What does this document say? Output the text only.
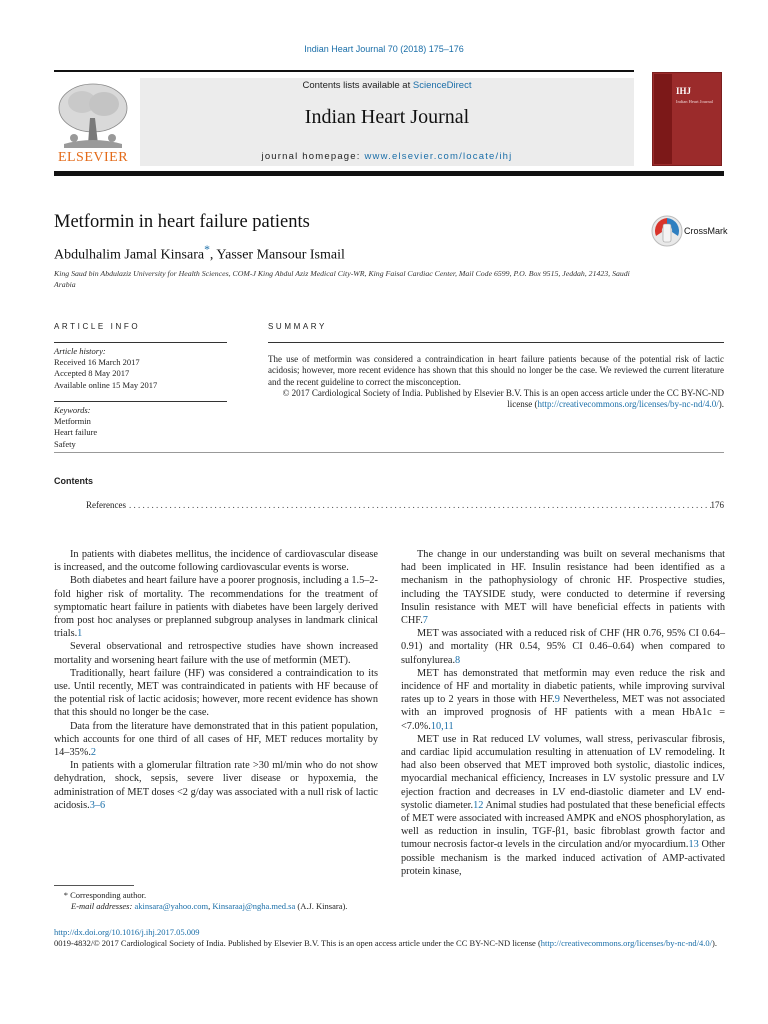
Indian Heart Journal 70 (2018) 175–176
ELSEVIER
Contents lists available at ScienceDirect
Indian Heart Journal
journal homepage: www.elsevier.com/locate/ihj
IHJ
Indian Heart Journal
Metformin in heart failure patients
Abdulhalim Jamal Kinsara*, Yasser Mansour Ismail
King Saud bin Abdulaziz University for Health Sciences, COM-J King Abdul Aziz Medical City-WR, King Faisal Cardiac Center, Mail Code 6599, P.O. Box 9515, Jeddah, 21423, Saudi Arabia
CrossMark
ARTICLE INFO	SUMMARY
Article history:
Received 16 March 2017
Accepted 8 May 2017
Available online 15 May 2017
Keywords:
Metformin
Heart failure
Safety
The use of metformin was considered a contraindication in heart failure patients because of the potential risk of lactic acidosis; however, more recent evidence has shown that this should no longer be the case. We reviewed the current literature and the recent guideline to correct the misconception.
© 2017 Cardiological Society of India. Published by Elsevier B.V. This is an open access article under the CC BY-NC-ND license (http://creativecommons.org/licenses/by-nc-nd/4.0/).
Contents
References
. . .	176

In patients with diabetes mellitus, the incidence of cardiovascular disease is increased, and the outcome following cardiovascular events is worse.

Both diabetes and heart failure have a poorer prognosis, including a 1.5–2-fold higher risk of mortality. The recommendations for the treatment of symptomatic heart failure in patients with diabetes have been largely derived from post hoc analyses or preplanned subgroup analyses in landmark clinical trials.1

Several observational and retrospective studies have shown increased mortality and worsening heart failure with the use of metformin (MET).

Traditionally, heart failure (HF) was considered a contraindication to its use. Until recently, MET was contraindicated in patients with HF because of the potential risk of lactic acidosis; however, more recent evidence has shown that this should no longer be the case.

Data from the literature have demonstrated that in this patient population, which accounts for one third of all cases of HF, MET reduces mortality by 14–35%.2

In patients with a glomerular filtration rate >30 ml/min who do not show dehydration, shock, sepsis, severe liver disease or hypoxemia, the administration of MET doses <2 g/day was associated with a null risk of lactic acidosis.3–6

The change in our understanding was built on several mechanisms that had been implicated in HF. Insulin resistance had been identified as a mechanism in the pathophysiology of chronic HF. Prospective studies, including the TAYSIDE study, were conducted to determine if reversing Insulin resistance with MET will have beneficial effects in patients with CHF.7

MET was associated with a reduced risk of CHF (HR 0.76, 95% CI 0.64–0.91) and mortality (HR 0.54, 95% CI 0.46–0.64) when compared to sulfonylurea.8

MET has demonstrated that metformin may even reduce the risk and incidence of HF and mortality in diabetic patients, while improving survival rates up to 2 years in those with HF.9 Nevertheless, MET was not associated with an improved prognosis of HF patients with a mean HbA1c = <7.0%.10,11

MET use in Rat reduced LV volumes, wall stress, perivascular fibrosis, and cardiac lipid accumulation resulting in attenuation of LV remodeling. It had also been observed that MET improved both systolic, diastolic indices, myocardial mechanical efficiency, Increases in LV systolic pressure and LV ejection fraction and decreases in LV end-diastolic diameter and LV end-systolic diameter.12 Animal studies had postulated that these beneficial effects of MET were associated with increased AMPK and eNOS phosphorylation, as well as reduction in insulin, TGF-β1, basic fibroblast growth factor and tumour necrosis factor-α levels in the circulation and/or myocardium.13 Other possible mechanism is the marked induced activation of AMP-activated protein kinase,

* Corresponding author.
E-mail addresses: akinsara@yahoo.com, Kinsaraaj@ngha.med.sa (A.J. Kinsara).
http://dx.doi.org/10.1016/j.ihj.2017.05.009
0019-4832/© 2017 Cardiological Society of India. Published by Elsevier B.V. This is an open access article under the CC BY-NC-ND license (http://creativecommons.org/licenses/by-nc-nd/4.0/).
